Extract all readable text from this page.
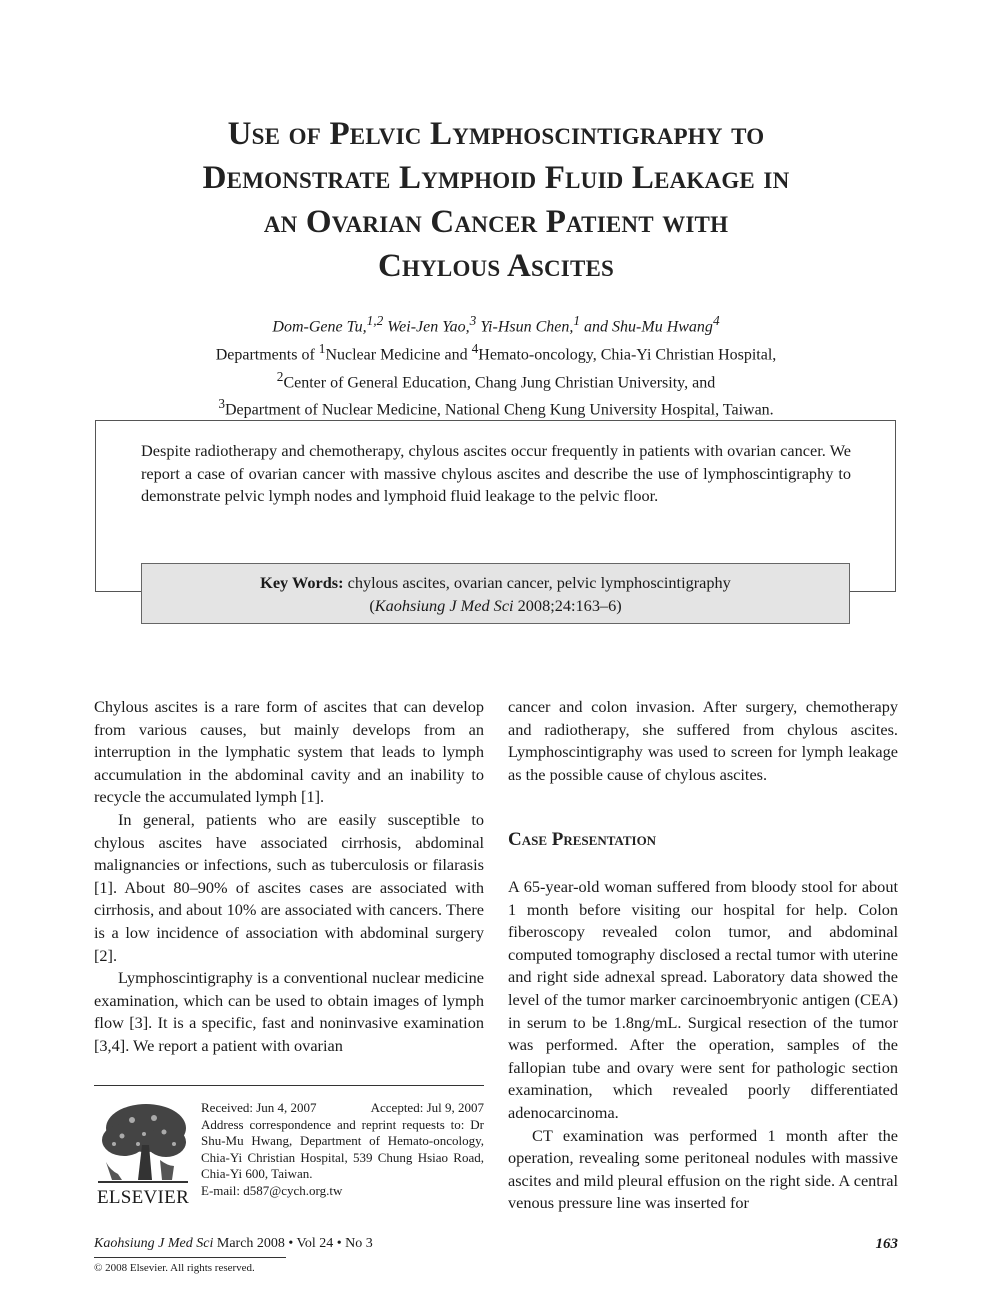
Use of Pelvic Lymphoscintigraphy to
Demonstrate Lymphoid Fluid Leakage in
an Ovarian Cancer Patient with
Chylous Ascites
Dom-Gene Tu,$^{1,2}$ Wei-Jen Yao,$^3$ Yi-Hsun Chen,$^1$ and Shu-Mu Hwang$^4$
Departments of $^1$Nuclear Medicine and $^4$Hemato-oncology, Chia-Yi Christian Hospital,
$^2$Center of General Education, Chang Jung Christian University, and
$^3$Department of Nuclear Medicine, National Cheng Kung University Hospital, Taiwan.
Despite radiotherapy and chemotherapy, chylous ascites occur frequently in patients with ovarian cancer. We report a case of ovarian cancer with massive chylous ascites and describe the use of lymphoscintigraphy to demonstrate pelvic lymph nodes and lymphoid fluid leakage to the pelvic floor.
Key Words: chylous ascites, ovarian cancer, pelvic lymphoscintigraphy
(Kaohsiung J Med Sci 2008;24:163–6)

Chylous ascites is a rare form of ascites that can develop from various causes, but mainly develops from an interruption in the lymphatic system that leads to lymph accumulation in the abdominal cavity and an inability to recycle the accumulated lymph [1].

In general, patients who are easily susceptible to chylous ascites have associated cirrhosis, abdominal malignancies or infections, such as tuberculosis or filarasis [1]. About 80–90% of ascites cases are associated with cirrhosis, and about 10% are associated with cancers. There is a low incidence of association with abdominal surgery [2].

Lymphoscintigraphy is a conventional nuclear medicine examination, which can be used to obtain images of lymph flow [3]. It is a specific, fast and noninvasive examination [3,4]. We report a patient with ovarian

cancer and colon invasion. After surgery, chemotherapy and radiotherapy, she suffered from chylous ascites. Lymphoscintigraphy was used to screen for lymph leakage as the possible cause of chylous ascites.

Case Presentation

A 65-year-old woman suffered from bloody stool for about 1 month before visiting our hospital for help. Colon fiberoscopy revealed colon tumor, and abdominal computed tomography disclosed a rectal tumor with uterine and right side adnexal spread. Laboratory data showed the level of the tumor marker carcinoembryonic antigen (CEA) in serum to be 1.8ng/mL. Surgical resection of the tumor was performed. After the operation, samples of the fallopian tube and ovary were sent for pathologic section examination, which revealed poorly differentiated adenocarcinoma.

CT examination was performed 1 month after the operation, revealing some peritoneal nodules with massive ascites and mild pleural effusion on the right side. A central venous pressure line was inserted for

ELSEVIER
Received: Jun 4, 2007	Accepted: Jul 9, 2007
Address correspondence and reprint requests to: Dr Shu-Mu Hwang, Department of Hemato-oncology, Chia-Yi Christian Hospital, 539 Chung Hsiao Road, Chia-Yi 600, Taiwan.
E-mail: d587@cych.org.tw
Kaohsiung J Med Sci March 2008 • Vol 24 • No 3	163
© 2008 Elsevier. All rights reserved.
